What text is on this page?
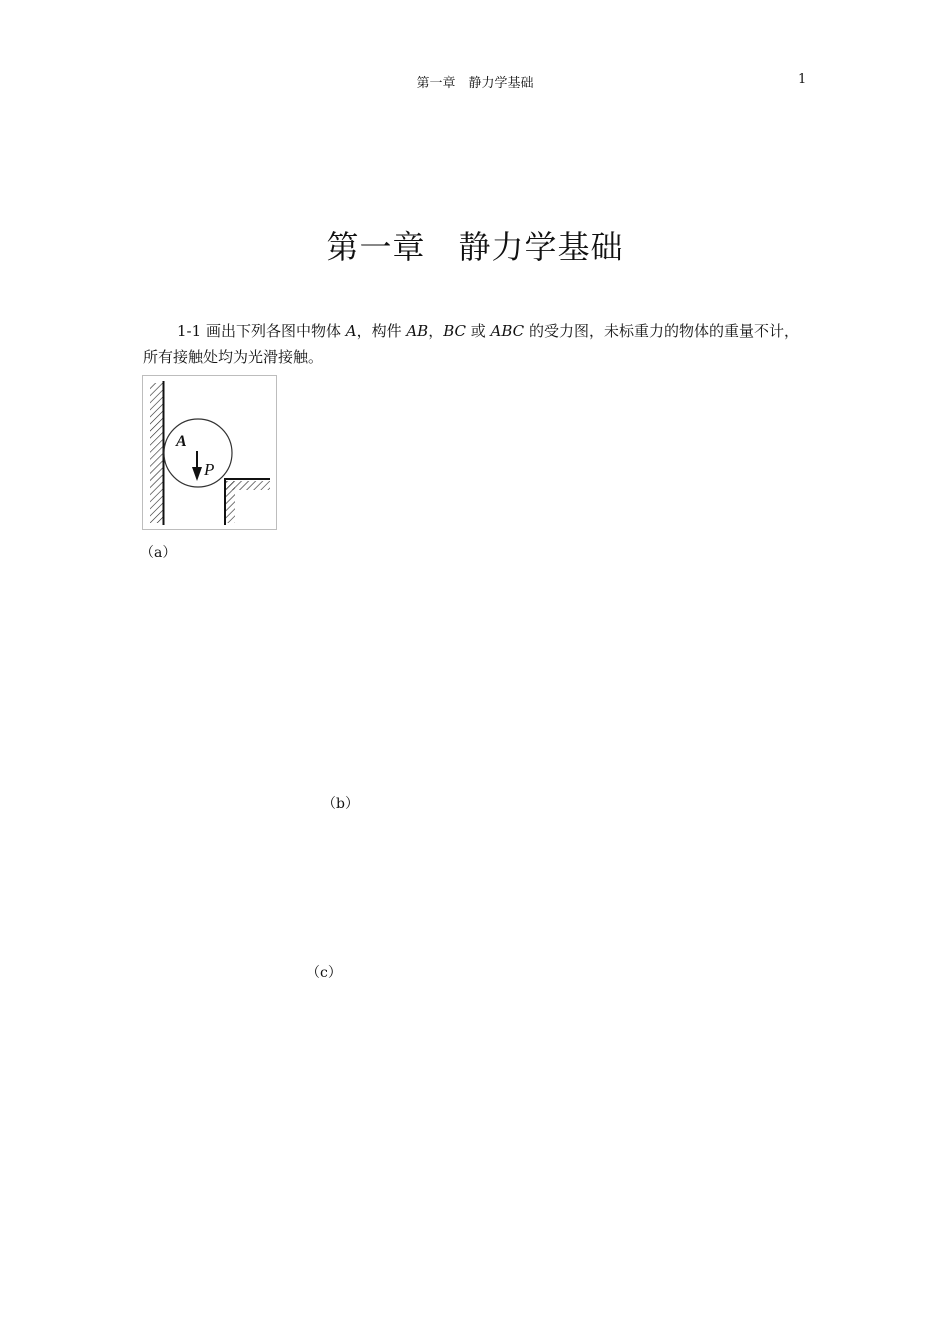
第一章　静力学基础	1
第一章　静力学基础
1-1 画出下列各图中物体 A，构件 AB，BC 或 ABC 的受力图，未标重力的物体的重量不计，所有接触处均为光滑接触。
A
P
（a）
（b）
（c）
